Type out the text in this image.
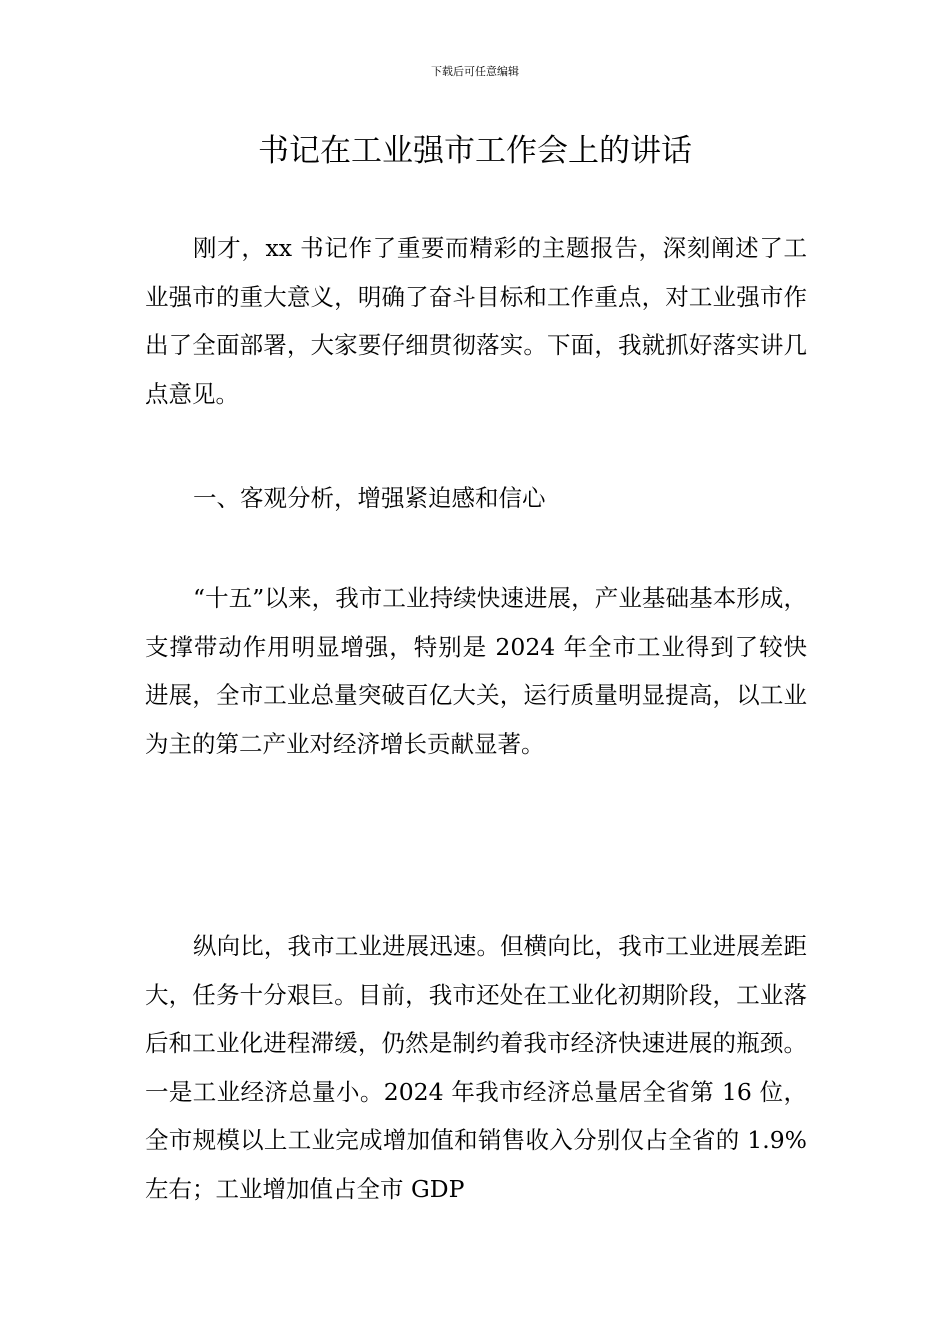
下载后可任意编辑
书记在工业强市工作会上的讲话

刚才，xx 书记作了重要而精彩的主题报告，深刻阐述了工业强市的重大意义，明确了奋斗目标和工作重点，对工业强市作出了全面部署，大家要仔细贯彻落实。下面，我就抓好落实讲几点意见。

一、客观分析，增强紧迫感和信心

“十五”以来，我市工业持续快速进展，产业基础基本形成，支撑带动作用明显增强，特别是 2024 年全市工业得到了较快进展，全市工业总量突破百亿大关，运行质量明显提高，以工业为主的第二产业对经济增长贡献显著。

纵向比，我市工业进展迅速。但横向比，我市工业进展差距大，任务十分艰巨。目前，我市还处在工业化初期阶段，工业落后和工业化进程滞缓，仍然是制约着我市经济快速进展的瓶颈。一是工业经济总量小。2024 年我市经济总量居全省第 16 位，全市规模以上工业完成增加值和销售收入分别仅占全省的 1.9%左右；工业增加值占全市 GDP
